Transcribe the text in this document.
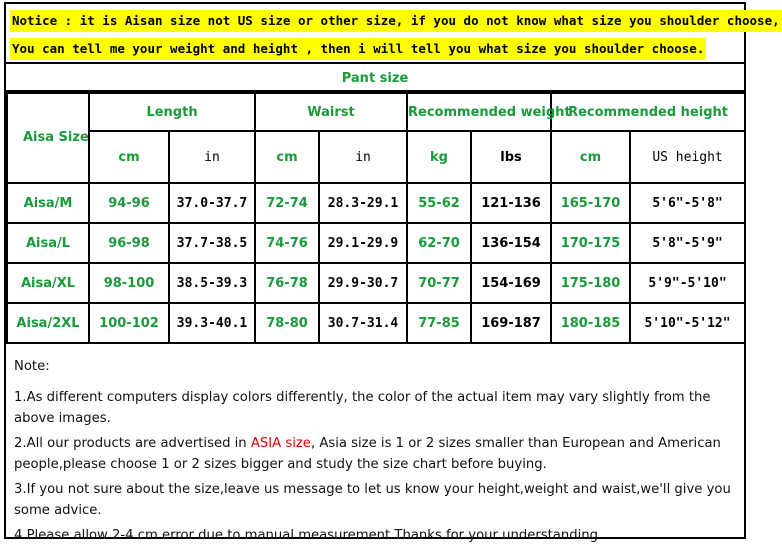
Notice : it is Aisan size not US size or other size, if you do not know what size you shoulder choose,
You can tell me your weight and height , then i will tell you what size you shoulder choose.
Pant size
Aisa Size	Length		Wairst		Recommended weight		Recommended height	
	cm	in	cm	in	kg	lbs	cm	US height
Aisa/M	94-96	37.0-37.7	72-74	28.3-29.1	55-62	121-136	165-170	5'6"-5'8"
Aisa/L	96-98	37.7-38.5	74-76	29.1-29.9	62-70	136-154	170-175	5'8"-5'9"
Aisa/XL	98-100	38.5-39.3	76-78	29.9-30.7	70-77	154-169	175-180	5'9"-5'10"
Aisa/2XL	100-102	39.3-40.1	78-80	30.7-31.4	77-85	169-187	180-185	5'10"-5'12"

Note:

1.As different computers display colors differently, the color of the actual item may vary slightly from the above images.

2.All our products are advertised in ASIA size, Asia size is 1 or 2 sizes smaller than European and American people,please choose 1 or 2 sizes bigger and study the size chart before buying.

3.If you not sure about the size,leave us message to let us know your height,weight and waist,we'll give you some advice.

4.Please allow 2-4 cm error due to manual measurement.Thanks for your understanding.
